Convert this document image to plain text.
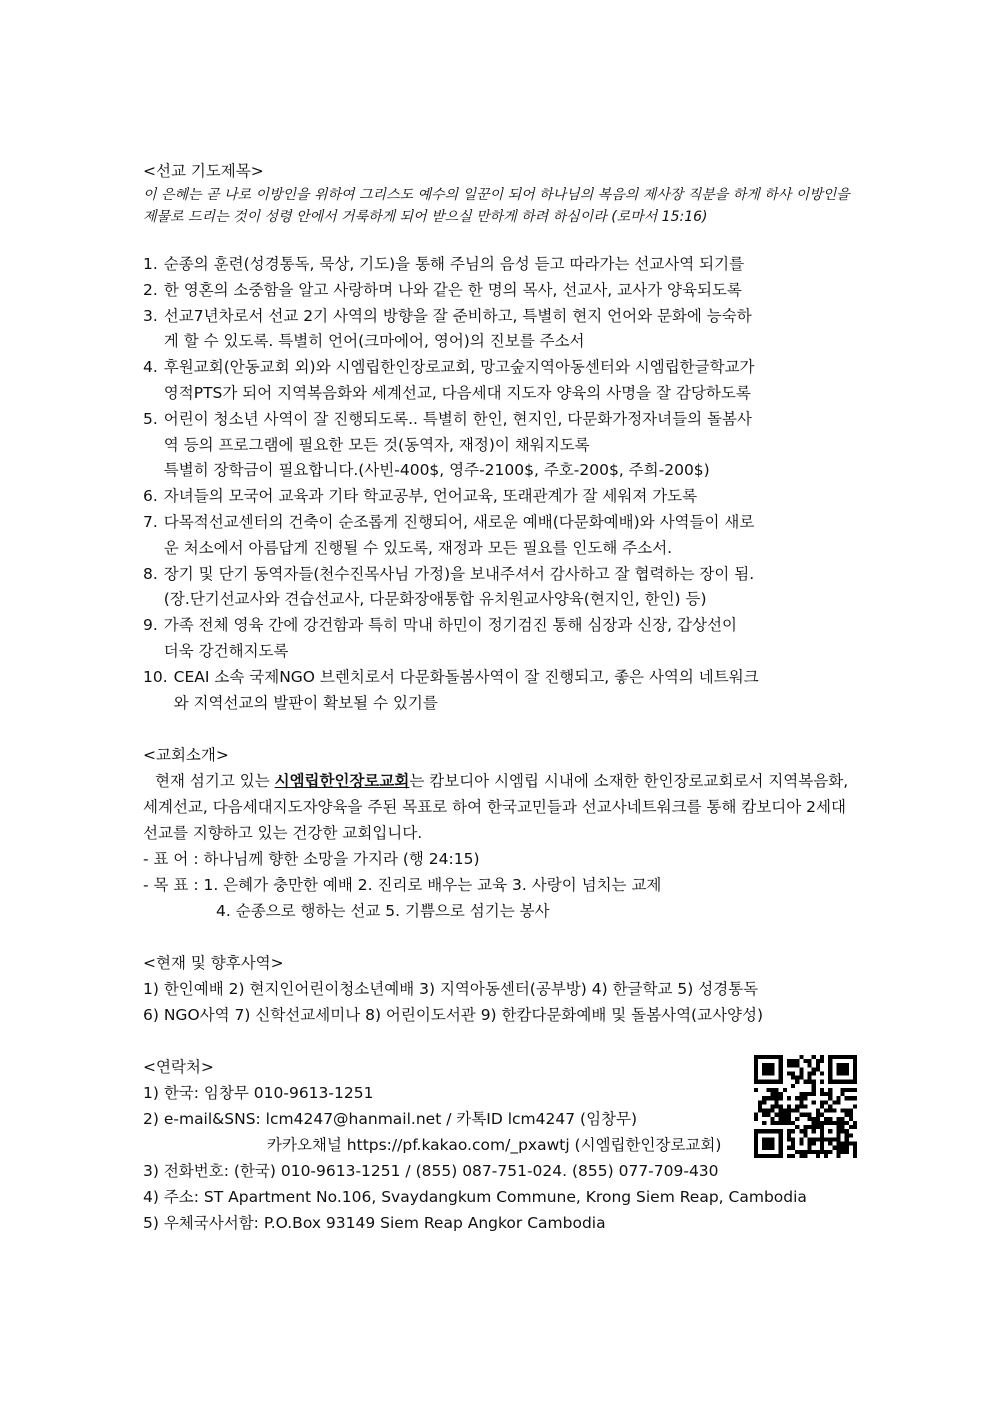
<선교 기도제목>

이 은혜는 곧 나로 이방인을 위하여 그리스도 예수의 일꾼이 되어 하나님의 복음의 제사장 직분을 하게 하사 이방인을 제물로 드리는 것이 성령 안에서 거룩하게 되어 받으실 만하게 하려 하심이라 (로마서 15:16)

1. 순종의 훈련(성경통독, 묵상, 기도)을 통해 주님의 음성 듣고 따라가는 선교사역 되기를
2. 한 영혼의 소중함을 알고 사랑하며 나와 같은 한 명의 목사, 선교사, 교사가 양육되도록
3. 선교7년차로서 선교 2기 사역의 방향을 잘 준비하고, 특별히 현지 언어와 문화에 능숙하
게 할 수 있도록. 특별히 언어(크마에어, 영어)의 진보를 주소서
4. 후원교회(안동교회 외)와 시엠립한인장로교회, 망고숲지역아동센터와 시엠립한글학교가
영적PTS가 되어 지역복음화와 세계선교, 다음세대 지도자 양육의 사명을 잘 감당하도록
5. 어린이 청소년 사역이 잘 진행되도록.. 특별히 한인, 현지인, 다문화가정자녀들의 돌봄사
역 등의 프로그램에 필요한 모든 것(동역자, 재정)이 채워지도록
특별히 장학금이 필요합니다.(사빈-400$, 영주-2100$, 주호-200$, 주희-200$)
6. 자녀들의 모국어 교육과 기타 학교공부, 언어교육, 또래관계가 잘 세워져 가도록
7. 다목적선교센터의 건축이 순조롭게 진행되어, 새로운 예배(다문화예배)와 사역들이 새로
운 처소에서 아름답게 진행될 수 있도록, 재정과 모든 필요를 인도해 주소서.
8. 장기 및 단기 동역자들(천수진목사님 가정)을 보내주셔서 감사하고 잘 협력하는 장이 됨.
(장.단기선교사와 견습선교사, 다문화장애통합 유치원교사양육(현지인, 한인) 등)
9. 가족 전체 영육 간에 강건함과 특히 막내 하민이 정기검진 통해 심장과 신장, 갑상선이
더욱 강건해지도록
10. CEAI 소속 국제NGO 브렌치로서 다문화돌봄사역이 잘 진행되고, 좋은 사역의 네트워크
와 지역선교의 발판이 확보될 수 있기를
<교회소개>
현재 섬기고 있는 시엠립한인장로교회는 캄보디아 시엠립 시내에 소재한 한인장로교회로서 지역복음화, 세계선교, 다음세대지도자양육을 주된 목표로 하여 한국교민들과 선교사네트워크를 통해 캄보디아 2세대 선교를 지향하고 있는 건강한 교회입니다.
- 표 어 : 하나님께 향한 소망을 가지라 (행 24:15)
- 목 표 : 1. 은혜가 충만한 예배 2. 진리로 배우는 교육 3. 사랑이 넘치는 교제
4. 순종으로 행하는 선교 5. 기쁨으로 섬기는 봉사
<현재 및 향후사역>
1) 한인예배 2) 현지인어린이청소년예배 3) 지역아동센터(공부방) 4) 한글학교 5) 성경통독
6) NGO사역 7) 신학선교세미나 8) 어린이도서관 9) 한캄다문화예배 및 돌봄사역(교사양성)
<연락처>
1) 한국: 임창무 010-9613-1251
2) e-mail&SNS: lcm4247@hanmail.net / 카톡ID lcm4247 (임창무)
카카오채널 https://pf.kakao.com/_pxawtj (시엠립한인장로교회)
3) 전화번호: (한국) 010-9613-1251 / (855) 087-751-024. (855) 077-709-430
4) 주소: ST Apartment No.106, Svaydangkum Commune, Krong Siem Reap, Cambodia
5) 우체국사서함: P.O.Box 93149 Siem Reap Angkor Cambodia
